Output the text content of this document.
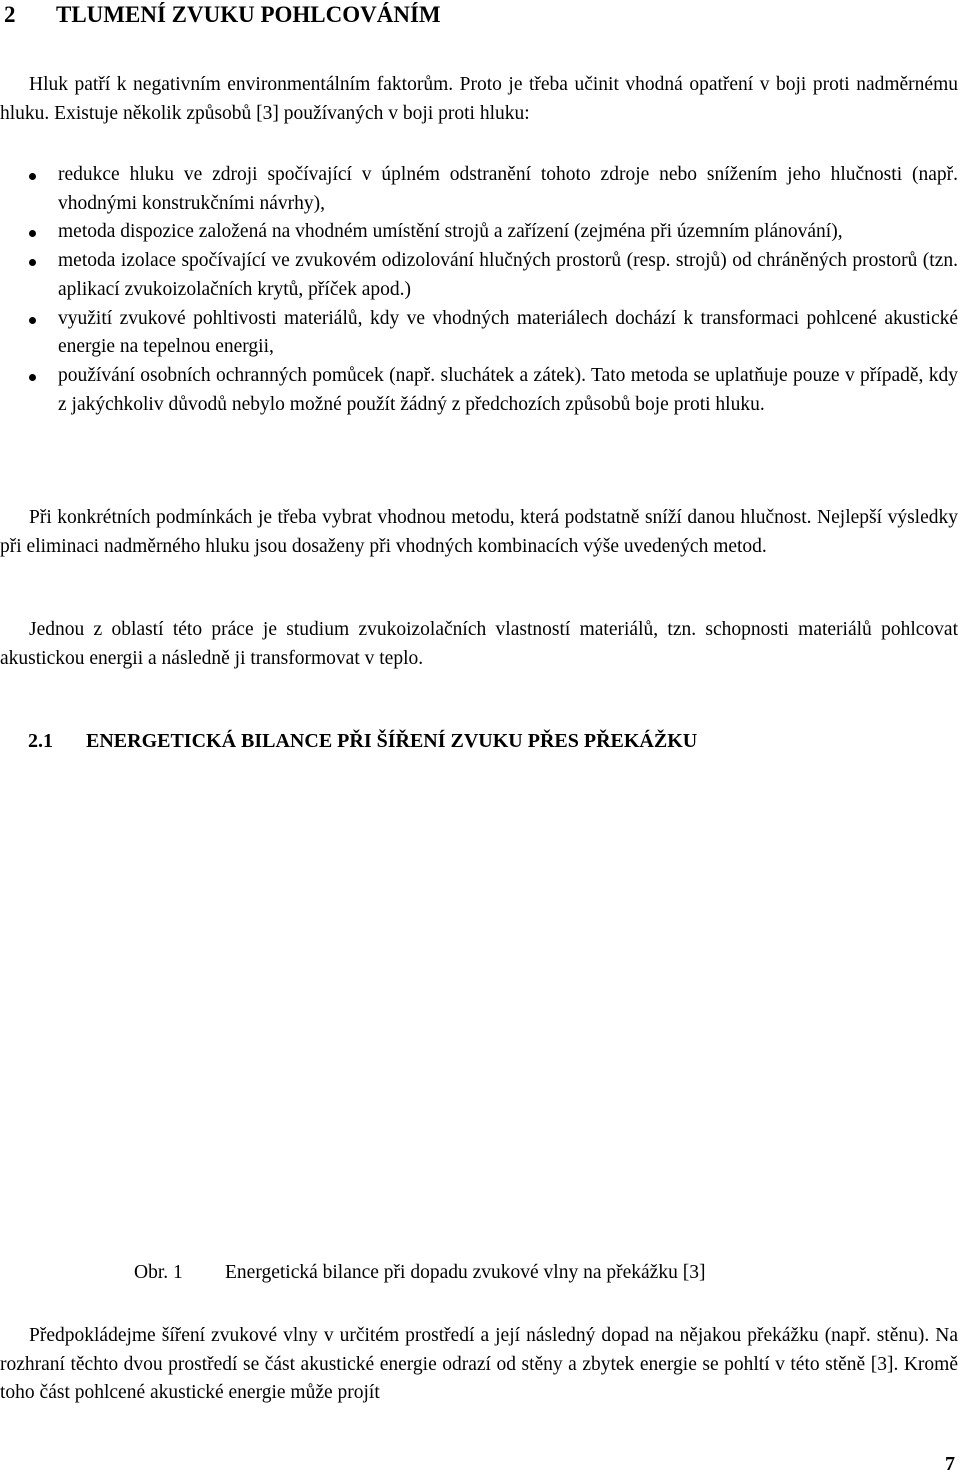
2 TLUMENÍ ZVUKU POHLCOVÁNÍM
Hluk patří k negativním environmentálním faktorům. Proto je třeba učinit vhodná opatření v boji proti nadměrnému hluku. Existuje několik způsobů [3] používaných v boji proti hluku:
redukce hluku ve zdroji spočívající v úplném odstranění tohoto zdroje nebo snížením jeho hlučnosti (např. vhodnými konstrukčními návrhy),
metoda dispozice založená na vhodném umístění strojů a zařízení (zejména při územním plánování),
metoda izolace spočívající ve zvukovém odizolování hlučných prostorů (resp. strojů) od chráněných prostorů (tzn. aplikací zvukoizolačních krytů, příček apod.)
využití zvukové pohltivosti materiálů, kdy ve vhodných materiálech dochází k transformaci pohlcené akustické energie na tepelnou energii,
používání osobních ochranných pomůcek (např. sluchátek a zátek). Tato metoda se uplatňuje pouze v případě, kdy z jakýchkoliv důvodů nebylo možné použít žádný z předchozích způsobů boje proti hluku.
Při konkrétních podmínkách je třeba vybrat vhodnou metodu, která podstatně sníží danou hlučnost. Nejlepší výsledky při eliminaci nadměrného hluku jsou dosaženy při vhodných kombinacích výše uvedených metod.
Jednou z oblastí této práce je studium zvukoizolačních vlastností materiálů, tzn. schopnosti materiálů pohlcovat akustickou energii a následně ji transformovat v teplo.
2.1 ENERGETICKÁ BILANCE PŘI ŠÍŘENÍ ZVUKU PŘES PŘEKÁŽKU
Obr. 1 Energetická bilance při dopadu zvukové vlny na překážku [3]
Předpokládejme šíření zvukové vlny v určitém prostředí a její následný dopad na nějakou překážku (např. stěnu). Na rozhraní těchto dvou prostředí se část akustické energie odrazí od stěny a zbytek energie se pohltí v této stěně [3]. Kromě toho část pohlcené akustické energie může projít
7
